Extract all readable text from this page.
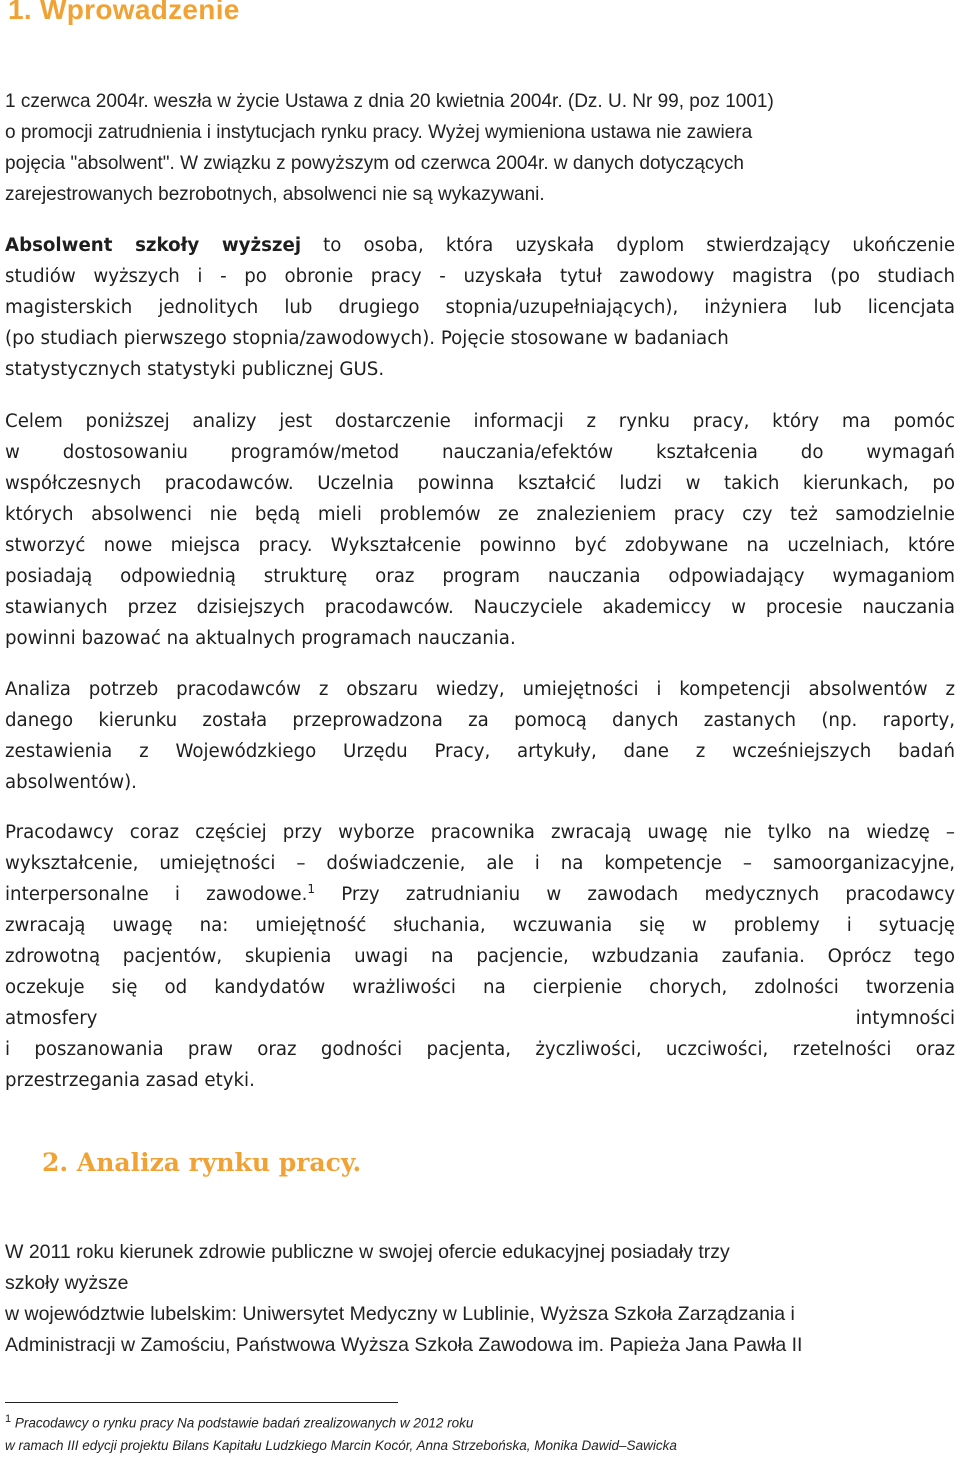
1. Wprowadzenie
1 czerwca 2004r. weszła w życie Ustawa z dnia 20 kwietnia 2004r. (Dz. U. Nr 99, poz 1001)
o promocji zatrudnienia i instytucjach rynku pracy. Wyżej wymieniona ustawa nie zawiera
pojęcia "absolwent". W związku z powyższym od czerwca 2004r. w danych dotyczących
zarejestrowanych bezrobotnych, absolwenci nie są wykazywani.
Absolwent szkoły wyższej to osoba, która uzyskała dyplom stwierdzający ukończenie
studiów wyższych i - po obronie pracy - uzyskała tytuł zawodowy magistra (po studiach
magisterskich jednolitych lub drugiego stopnia/uzupełniających), inżyniera lub licencjata
(po studiach pierwszego stopnia/zawodowych). Pojęcie stosowane w badaniach
statystycznych statystyki publicznej GUS.
Celem poniższej analizy jest dostarczenie informacji z rynku pracy, który ma pomóc
w dostosowaniu programów/metod nauczania/efektów kształcenia do wymagań
współczesnych pracodawców. Uczelnia powinna kształcić ludzi w takich kierunkach, po
których absolwenci nie będą mieli problemów ze znalezieniem pracy czy też samodzielnie
stworzyć nowe miejsca pracy. Wykształcenie powinno być zdobywane na uczelniach, które
posiadają odpowiednią strukturę oraz program nauczania odpowiadający wymaganiom
stawianych przez dzisiejszych pracodawców. Nauczyciele akademiccy w procesie nauczania
powinni bazować na aktualnych programach nauczania.
Analiza potrzeb pracodawców z obszaru wiedzy, umiejętności i kompetencji absolwentów z
danego kierunku została przeprowadzona za pomocą danych zastanych (np. raporty,
zestawienia z Wojewódzkiego Urzędu Pracy, artykuły, dane z wcześniejszych badań
absolwentów).
Pracodawcy coraz częściej przy wyborze pracownika zwracają uwagę nie tylko na wiedzę –
wykształcenie, umiejętności – doświadczenie, ale i na kompetencje – samoorganizacyjne,
interpersonalne i zawodowe.$^1$ Przy zatrudnianiu w zawodach medycznych pracodawcy
zwracają uwagę na: umiejętność słuchania, wczuwania się w problemy i sytuację
zdrowotną pacjentów, skupienia uwagi na pacjencie, wzbudzania zaufania. Oprócz tego
oczekuje się od kandydatów wrażliwości na cierpienie chorych, zdolności tworzenia
atmosfery intymności
i poszanowania praw oraz godności pacjenta, życzliwości, uczciwości, rzetelności oraz
przestrzegania zasad etyki.
2. Analiza rynku pracy.
W 2011 roku kierunek zdrowie publiczne w swojej ofercie edukacyjnej posiadały trzy
szkoły wyższe
w województwie lubelskim: Uniwersytet Medyczny w Lublinie, Wyższa Szkoła Zarządzania i
Administracji w Zamościu, Państwowa Wyższa Szkoła Zawodowa im. Papieża Jana Pawła II
$^1$ Pracodawcy o rynku pracy Na podstawie badań zrealizowanych w 2012 roku
w ramach III edycji projektu Bilans Kapitału Ludzkiego Marcin Kocór, Anna Strzebońska, Monika Dawid–Sawicka
